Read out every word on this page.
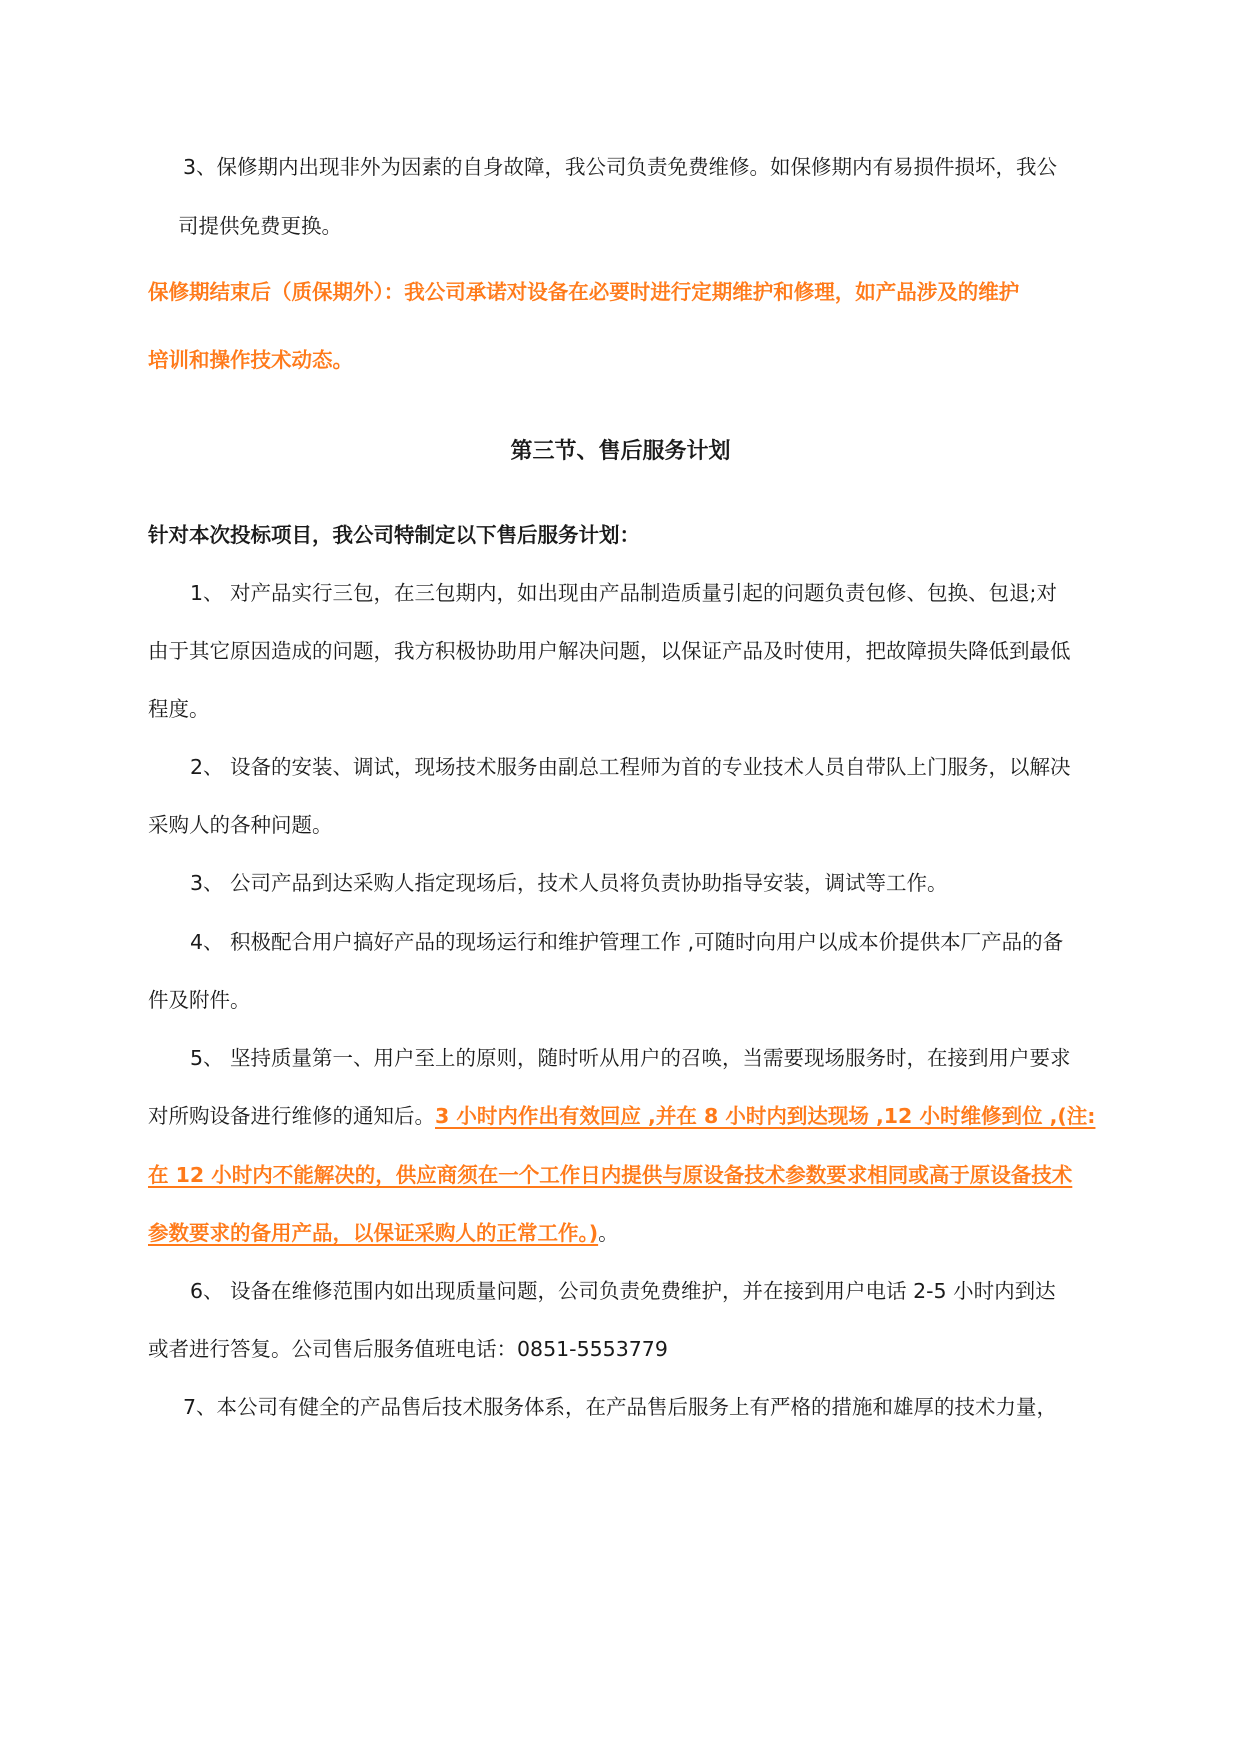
3、保修期内出现非外为因素的自身故障，我公司负责免费维修。如保修期内有易损件损坏，我公
司提供免费更换。
保修期结束后（质保期外）：我公司承诺对设备在必要时进行定期维护和修理，如产品涉及的维护
培训和操作技术动态。
第三节、售后服务计划
针对本次投标项目，我公司特制定以下售后服务计划：
1、 对产品实行三包，在三包期内，如出现由产品制造质量引起的问题负责包修、包换、包退;对
由于其它原因造成的问题，我方积极协助用户解决问题，以保证产品及时使用，把故障损失降低到最低
程度。
2、 设备的安装、调试，现场技术服务由副总工程师为首的专业技术人员自带队上门服务，以解决
采购人的各种问题。
3、 公司产品到达采购人指定现场后，技术人员将负责协助指导安装，调试等工作。
4、 积极配合用户搞好产品的现场运行和维护管理工作 ,可随时向用户以成本价提供本厂产品的备
件及附件。
5、 坚持质量第一、用户至上的原则，随时听从用户的召唤，当需要现场服务时，在接到用户要求
对所购设备进行维修的通知后。3 小时内作出有效回应 ,并在 8 小时内到达现场 ,12 小时维修到位 ,(注:
在 12 小时内不能解决的，供应商须在一个工作日内提供与原设备技术参数要求相同或高于原设备技术
参数要求的备用产品，以保证采购人的正常工作。)。
6、 设备在维修范围内如出现质量问题，公司负责免费维护，并在接到用户电话 2-5 小时内到达
或者进行答复。公司售后服务值班电话：0851-5553779
7、本公司有健全的产品售后技术服务体系，在产品售后服务上有严格的措施和雄厚的技术力量，
